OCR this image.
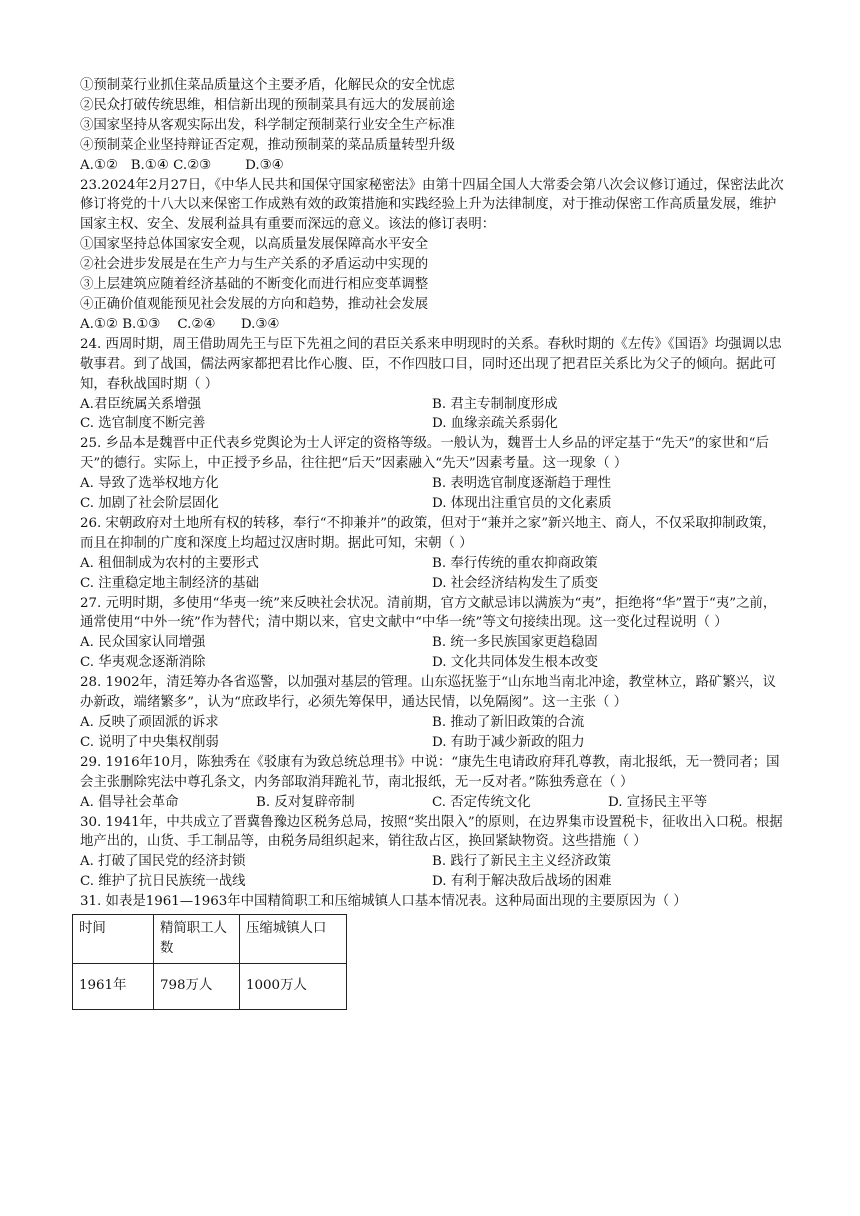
①预制菜行业抓住菜品质量这个主要矛盾，化解民众的安全忧虑
②民众打破传统思维，相信新出现的预制菜具有远大的发展前途
③国家坚持从客观实际出发，科学制定预制菜行业安全生产标准
④预制菜企业坚持辩证否定观，推动预制菜的菜品质量转型升级
A.①②   B.①④ C.②③        D.③④
23.2024年2月27日，《中华人民共和国保守国家秘密法》由第十四届全国人大常委会第八次会议修订通过，保密法此次修订将党的十八大以来保密工作成熟有效的政策措施和实践经验上升为法律制度，对于推动保密工作高质量发展，维护国家主权、安全、发展利益具有重要而深远的意义。该法的修订表明：
①国家坚持总体国家安全观，以高质量发展保障高水平安全
②社会进步发展是在生产力与生产关系的矛盾运动中实现的
③上层建筑应随着经济基础的不断变化而进行相应变革调整
④正确价值观能预见社会发展的方向和趋势，推动社会发展
A.①② B.①③    C.②④      D.③④
24. 西周时期，周王借助周先王与臣下先祖之间的君臣关系来申明现时的关系。春秋时期的《左传》《国语》均强调以忠敬事君。到了战国，儒法两家都把君比作心腹、臣，不作四肢口目，同时还出现了把君臣关系比为父子的倾向。据此可知，春秋战国时期（ ）
A.君臣统属关系增强	B. 君主专制制度形成
C. 选官制度不断完善	D. 血缘亲疏关系弱化
25. 乡品本是魏晋中正代表乡党舆论为士人评定的资格等级。一般认为，魏晋士人乡品的评定基于“先天”的家世和“后天”的德行。实际上，中正授予乡品，往往把“后天”因素融入“先天”因素考量。这一现象（ ）
A. 导致了选举权地方化	B. 表明选官制度逐渐趋于理性
C. 加剧了社会阶层固化	D. 体现出注重官员的文化素质
26. 宋朝政府对土地所有权的转移，奉行“不抑兼并”的政策，但对于“兼并之家”新兴地主、商人，不仅采取抑制政策，而且在抑制的广度和深度上均超过汉唐时期。据此可知，宋朝（ ）
A. 租佃制成为农村的主要形式	B. 奉行传统的重农抑商政策
C. 注重稳定地主制经济的基础	D. 社会经济结构发生了质变
27. 元明时期，多使用“华夷一统”来反映社会状况。清前期，官方文献忌讳以满族为“夷”，拒绝将“华”置于“夷”之前，通常使用“中外一统”作为替代；清中期以来，官史文献中“中华一统”等文句接续出现。这一变化过程说明（ ）
A. 民众国家认同增强	B. 统一多民族国家更趋稳固
C. 华夷观念逐渐消除	D. 文化共同体发生根本改变
28. 1902年，清廷筹办各省巡警，以加强对基层的管理。山东巡抚鉴于“山东地当南北冲途，教堂林立，路矿繁兴，议办新政，端绪繁多”，认为“庶政毕行，必须先筹保甲，通达民情，以免隔阂”。这一主张（ ）
A. 反映了顽固派的诉求	B. 推动了新旧政策的合流
C. 说明了中央集权削弱	D. 有助于减少新政的阻力
29. 1916年10月，陈独秀在《驳康有为致总统总理书》中说：“康先生电请政府拜孔尊教，南北报纸，无一赞同者；国会主张删除宪法中尊孔条文，内务部取消拜跪礼节，南北报纸，无一反对者。”陈独秀意在（ ）
A. 倡导社会革命	B. 反对复辟帝制	C. 否定传统文化	D. 宣扬民主平等
30. 1941年，中共成立了晋冀鲁豫边区税务总局，按照“奖出限入”的原则，在边界集市设置税卡，征收出入口税。根据地产出的，山货、手工制品等，由税务局组织起来，销往敌占区，换回紧缺物资。这些措施（ ）
A. 打破了国民党的经济封锁	B. 践行了新民主主义经济政策
C. 维护了抗日民族统一战线	D. 有利于解决敌后战场的困难
31. 如表是1961—1963年中国精简职工和压缩城镇人口基本情况表。这种局面出现的主要原因为（ ）
时间	精简职工人数	压缩城镇人口
1961年	798万人	1000万人
